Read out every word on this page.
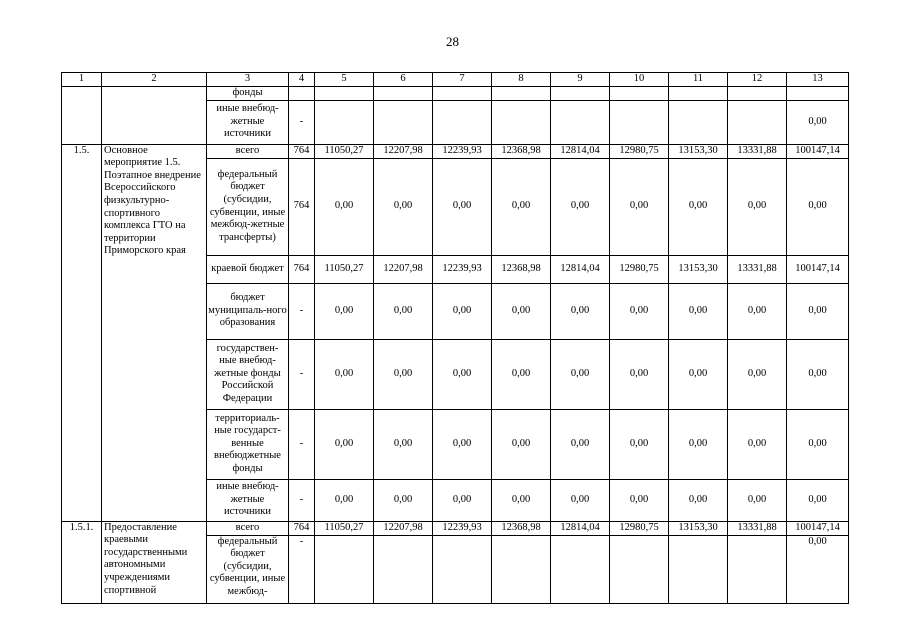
28
1	2	3	4	5	6	7	8	9	10	11	12	13
		фонды										
		иные внебюд-жетные источники	-									0,00
1.5.	Основное мероприятие 1.5. Поэтапное внедрение Всероссийского физкультурно-спортивного комплекса ГТО на территории Приморского края	всего	764	11050,27	12207,98	12239,93	12368,98	12814,04	12980,75	13153,30	13331,88	100147,14
		федеральный бюджет (субсидии, субвенции, иные межбюд-жетные трансферты)	764	0,00	0,00	0,00	0,00	0,00	0,00	0,00	0,00	0,00
		краевой бюджет	764	11050,27	12207,98	12239,93	12368,98	12814,04	12980,75	13153,30	13331,88	100147,14
		бюджет муниципаль-ного образования	-	0,00	0,00	0,00	0,00	0,00	0,00	0,00	0,00	0,00
		государствен-ные внебюд-жетные фонды Российской Федерации	-	0,00	0,00	0,00	0,00	0,00	0,00	0,00	0,00	0,00
		территориаль-ные государст-венные внебюджетные фонды	-	0,00	0,00	0,00	0,00	0,00	0,00	0,00	0,00	0,00
		иные внебюд-жетные источники	-	0,00	0,00	0,00	0,00	0,00	0,00	0,00	0,00	0,00
1.5.1.	Предоставление краевыми государственными автономными учреждениями спортивной	всего	764	11050,27	12207,98	12239,93	12368,98	12814,04	12980,75	13153,30	13331,88	100147,14
		федеральный бюджет (субсидии, субвенции, иные межбюд-	-									0,00
